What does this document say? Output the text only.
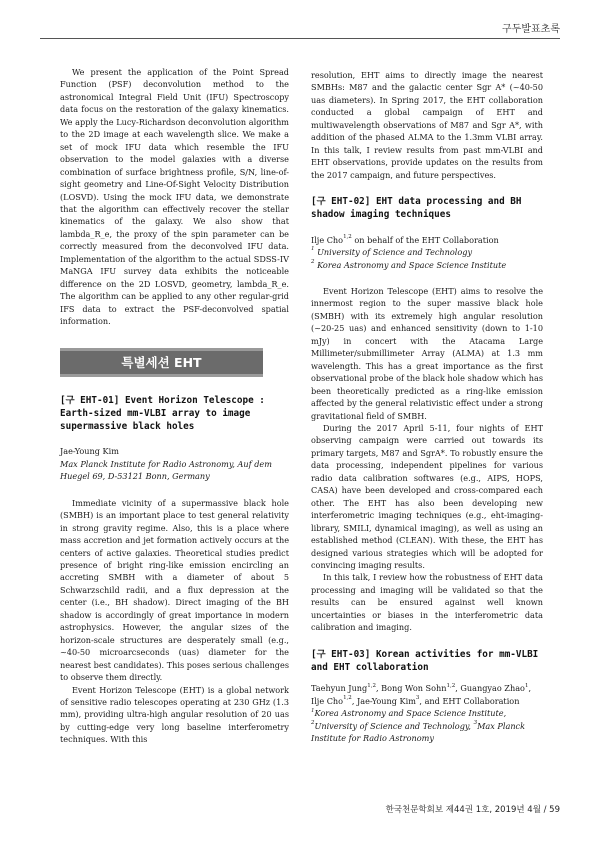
구두발표초록

We present the application of the Point Spread Function (PSF) deconvolution method to the astronomical Integral Field Unit (IFU) Spectroscopy data focus on the restoration of the galaxy kinematics. We apply the Lucy-Richardson deconvolution algorithm to the 2D image at each wavelength slice. We make a set of mock IFU data which resemble the IFU observation to the model galaxies with a diverse combination of surface brightness profile, S/N, line-of-sight geometry and Line-Of-Sight Velocity Distribution (LOSVD). Using the mock IFU data, we demonstrate that the algorithm can effectively recover the stellar kinematics of the galaxy. We also show that lambda_R_e, the proxy of the spin parameter can be correctly measured from the deconvolved IFU data. Implementation of the algorithm to the actual SDSS-IV MaNGA IFU survey data exhibits the noticeable difference on the 2D LOSVD, geometry, lambda_R_e. The algorithm can be applied to any other regular-grid IFS data to extract the PSF-deconvolved spatial information.

특별세션 EHT
[구 EHT-01] Event Horizon Telescope : Earth-sized mm-VLBI array to image supermassive black holes
Jae-Young Kim
Max Planck Institute for Radio Astronomy, Auf dem Huegel 69, D-53121 Bonn, Germany

Immediate vicinity of a supermassive black hole (SMBH) is an important place to test general relativity in strong gravity regime. Also, this is a place where mass accretion and jet formation actively occurs at the centers of active galaxies. Theoretical studies predict presence of bright ring-like emission encircling an accreting SMBH with a diameter of about 5 Schwarzschild radii, and a flux depression at the center (i.e., BH shadow). Direct imaging of the BH shadow is accordingly of great importance in modern astrophysics. However, the angular sizes of the horizon-scale structures are desperately small (e.g., ~40-50 microarcseconds (uas) diameter for the nearest best candidates). This poses serious challenges to observe them directly.

Event Horizon Telescope (EHT) is a global network of sensitive radio telescopes operating at 230 GHz (1.3 mm), providing ultra-high angular resolution of 20 uas by cutting-edge very long baseline interferometry techniques. With this

resolution, EHT aims to directly image the nearest SMBHs: M87 and the galactic center Sgr A* (~40-50 uas diameters). In Spring 2017, the EHT collaboration conducted a global campaign of EHT and multiwavelength observations of M87 and Sgr A*, with addition of the phased ALMA to the 1.3mm VLBI array. In this talk, I review results from past mm-VLBI and EHT observations, provide updates on the results from the 2017 campaign, and future perspectives.

[구 EHT-02] EHT data processing and BH shadow imaging techniques
Ilje Cho$^{1,2}$ on behalf of the EHT Collaboration
$^1$ University of Science and Technology
$^2$ Korea Astronomy and Space Science Institute

Event Horizon Telescope (EHT) aims to resolve the innermost region to the super massive black hole (SMBH) with its extremely high angular resolution (~20-25 uas) and enhanced sensitivity (down to 1-10 mJy) in concert with the Atacama Large Millimeter/submillimeter Array (ALMA) at 1.3 mm wavelength. This has a great importance as the first observational probe of the black hole shadow which has been theoretically predicted as a ring-like emission affected by the general relativistic effect under a strong gravitational field of SMBH.

During the 2017 April 5-11, four nights of EHT observing campaign were carried out towards its primary targets, M87 and SgrA*. To robustly ensure the data processing, independent pipelines for various radio data calibration softwares (e.g., AIPS, HOPS, CASA) have been developed and cross-compared each other. The EHT has also been developing new interferometric imaging techniques (e.g., eht-imaging-library, SMILI, dynamical imaging), as well as using an established method (CLEAN). With these, the EHT has designed various strategies which will be adopted for convincing imaging results.

In this talk, I review how the robustness of EHT data processing and imaging will be validated so that the results can be ensured against well known uncertainties or biases in the interferometric data calibration and imaging.

[구 EHT-03] Korean activities for mm-VLBI and EHT collaboration
Taehyun Jung$^{1,2}$, Bong Won Sohn$^{1,2}$, Guangyao Zhao$^1$, Ilje Cho$^{1,2}$, Jae-Young Kim$^3$, and EHT Collaboration
$^1$Korea Astronomy and Space Science Institute, $^2$University of Science and Technology, $^3$Max Planck Institute for Radio Astronomy
한국천문학회보 제44권 1호, 2019년 4월 / 59
